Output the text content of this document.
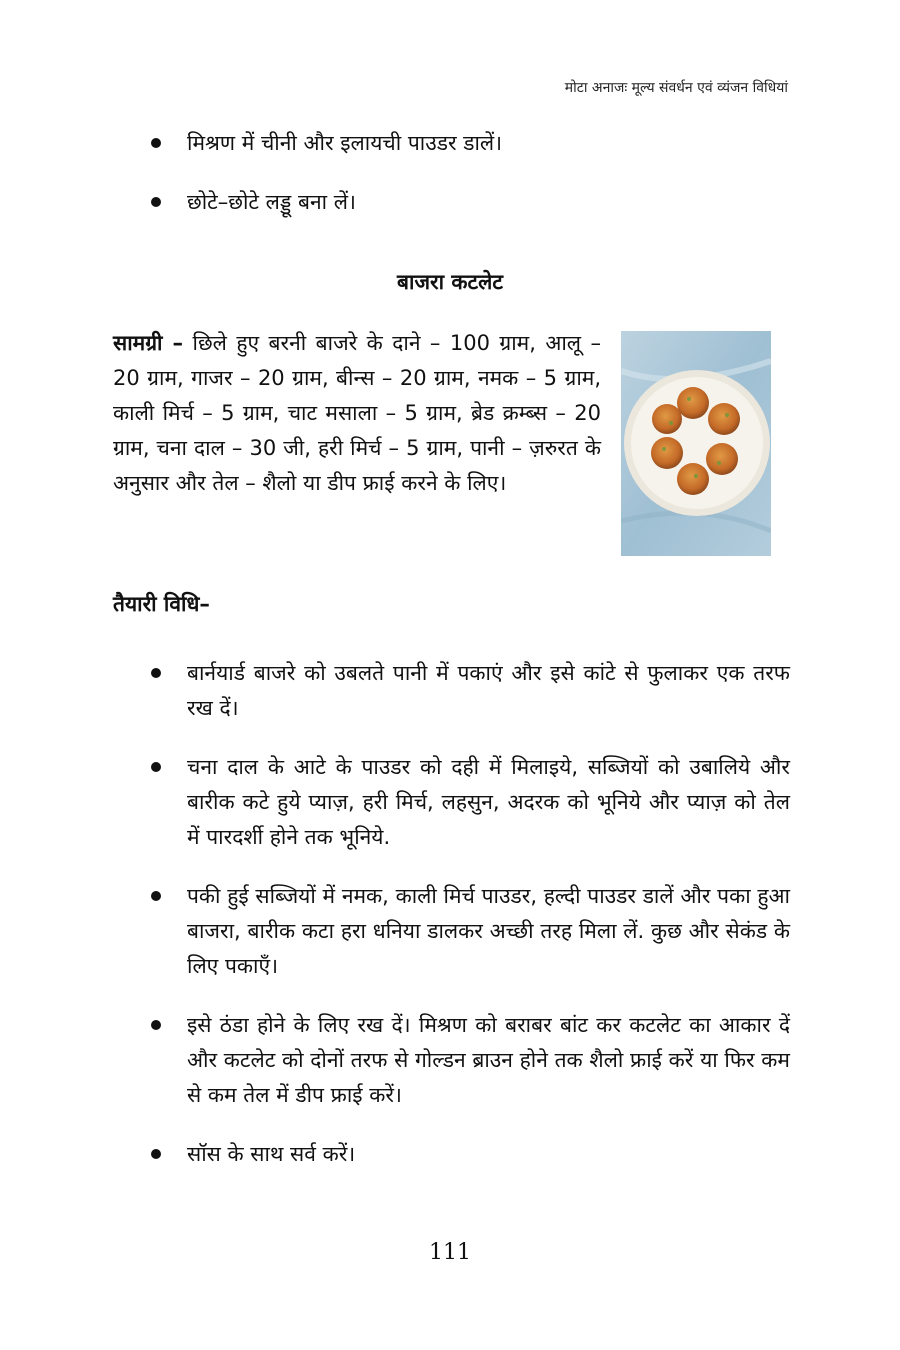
मोटा अनाजः मूल्य संवर्धन एवं व्यंजन विधियां
मिश्रण में चीनी और इलायची पाउडर डालें।
छोटे–छोटे लड्डू बना लें।
बाजरा कटलेट
सामग्री – छिले हुए बरनी बाजरे के दाने – 100 ग्राम, आलू – 20 ग्राम, गाजर – 20 ग्राम, बीन्स – 20 ग्राम, नमक – 5 ग्राम, काली मिर्च – 5 ग्राम, चाट मसाला – 5 ग्राम, ब्रेड क्रम्ब्स – 20 ग्राम, चना दाल – 30 जी, हरी मिर्च – 5 ग्राम, पानी – ज़रुरत के अनुसार और तेल – शैलो या डीप फ्राई करने के लिए।
तैयारी विधि–
बार्नयार्ड बाजरे को उबलते पानी में पकाएं और इसे कांटे से फुलाकर एक तरफ रख दें।
चना दाल के आटे के पाउडर को दही में मिलाइये, सब्जियों को उबालिये और बारीक कटे हुये प्याज़, हरी मिर्च, लहसुन, अदरक को भूनिये और प्याज़ को तेल में पारदर्शी होने तक भूनिये.
पकी हुई सब्जियों में नमक, काली मिर्च पाउडर, हल्दी पाउडर डालें और पका हुआ बाजरा, बारीक कटा हरा धनिया डालकर अच्छी तरह मिला लें. कुछ और सेकंड के लिए पकाएँ।
इसे ठंडा होने के लिए रख दें। मिश्रण को बराबर बांट कर कटलेट का आकार दें और कटलेट को दोनों तरफ से गोल्डन ब्राउन होने तक शैलो फ्राई करें या फिर कम से कम तेल में डीप फ्राई करें।
सॉस के साथ सर्व करें।
111
